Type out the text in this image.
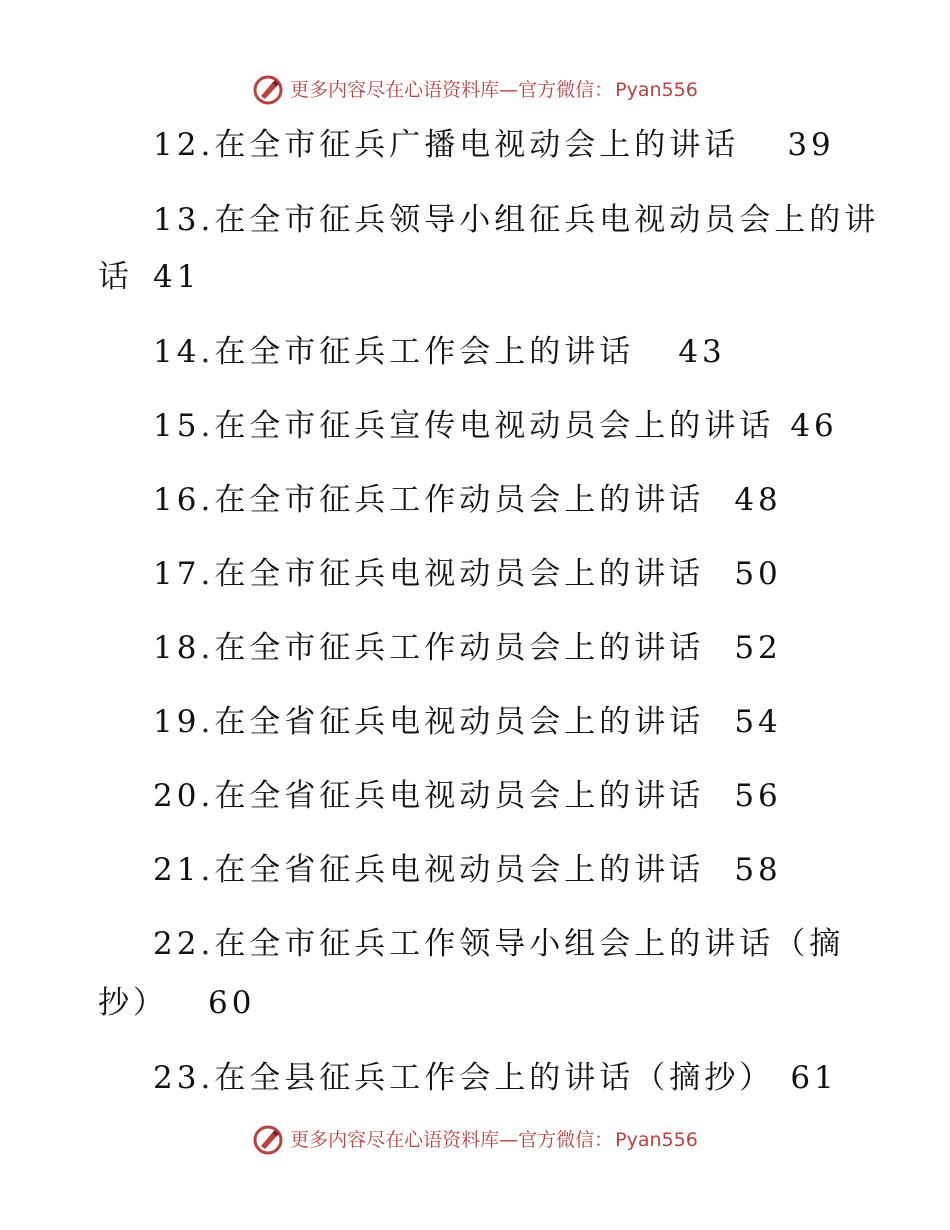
更多内容尽在心语资料库—官方微信： Pyan556
12.在全市征兵广播电视动会上的讲话 39
13.在全市征兵领导小组征兵电视动员会上的讲
话 41
14.在全市征兵工作会上的讲话 43
15.在全市征兵宣传电视动员会上的讲话 46
16.在全市征兵工作动员会上的讲话 48
17.在全市征兵电视动员会上的讲话 50
18.在全市征兵工作动员会上的讲话 52
19.在全省征兵电视动员会上的讲话 54
20.在全省征兵电视动员会上的讲话 56
21.在全省征兵电视动员会上的讲话 58
22.在全市征兵工作领导小组会上的讲话（摘
抄） 60
23.在全县征兵工作会上的讲话（摘抄） 61
更多内容尽在心语资料库—官方微信： Pyan556
